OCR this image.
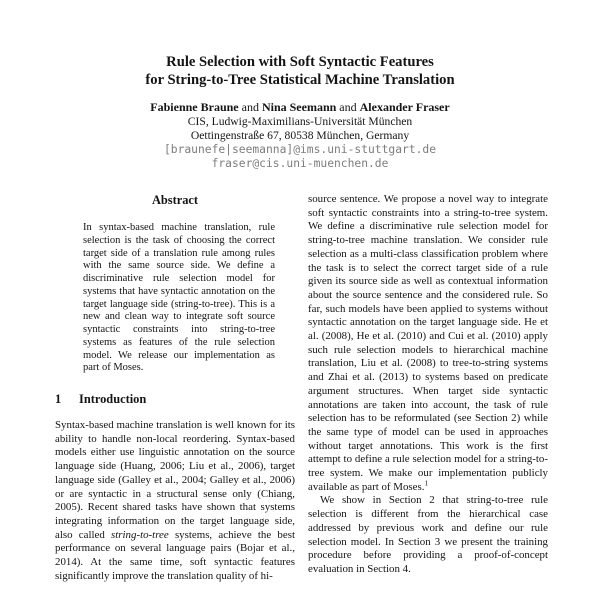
Rule Selection with Soft Syntactic Features
for String-to-Tree Statistical Machine Translation
Fabienne Braune and Nina Seemann and Alexander Fraser
CIS, Ludwig-Maximilians-Universität München
Oettingenstraße 67, 80538 München, Germany
[braunefe|seemanna]@ims.uni-stuttgart.de
fraser@cis.uni-muenchen.de
Abstract

In syntax-based machine translation, rule selection is the task of choosing the correct target side of a translation rule among rules with the same source side. We define a discriminative rule selection model for systems that have syntactic annotation on the target language side (string-to-tree). This is a new and clean way to integrate soft source syntactic constraints into string-to-tree systems as features of the rule selection model. We release our implementation as part of Moses.

1	Introduction

Syntax-based machine translation is well known for its ability to handle non-local reordering. Syntax-based models either use linguistic annotation on the source language side (Huang, 2006; Liu et al., 2006), target language side (Galley et al., 2004; Galley et al., 2006) or are syntactic in a structural sense only (Chiang, 2005). Recent shared tasks have shown that systems integrating information on the target language side, also called string-to-tree systems, achieve the best performance on several language pairs (Bojar et al., 2014). At the same time, soft syntactic features significantly improve the translation quality of hi-

source sentence. We propose a novel way to integrate soft syntactic constraints into a string-to-tree system. We define a discriminative rule selection model for string-to-tree machine translation. We consider rule selection as a multi-class classification problem where the task is to select the correct target side of a rule given its source side as well as contextual information about the source sentence and the considered rule. So far, such models have been applied to systems without syntactic annotation on the target language side. He et al. (2008), He et al. (2010) and Cui et al. (2010) apply such rule selection models to hierarchical machine translation, Liu et al. (2008) to tree-to-string systems and Zhai et al. (2013) to systems based on predicate argument structures. When target side syntactic annotations are taken into account, the task of rule selection has to be reformulated (see Section 2) while the same type of model can be used in approaches without target annotations. This work is the first attempt to define a rule selection model for a string-to-tree system. We make our implementation publicly available as part of Moses.$^1$

We show in Section 2 that string-to-tree rule selection is different from the hierarchical case addressed by previous work and define our rule selection model. In Section 3 we present the training procedure before providing a proof-of-concept evaluation in Section 4.
